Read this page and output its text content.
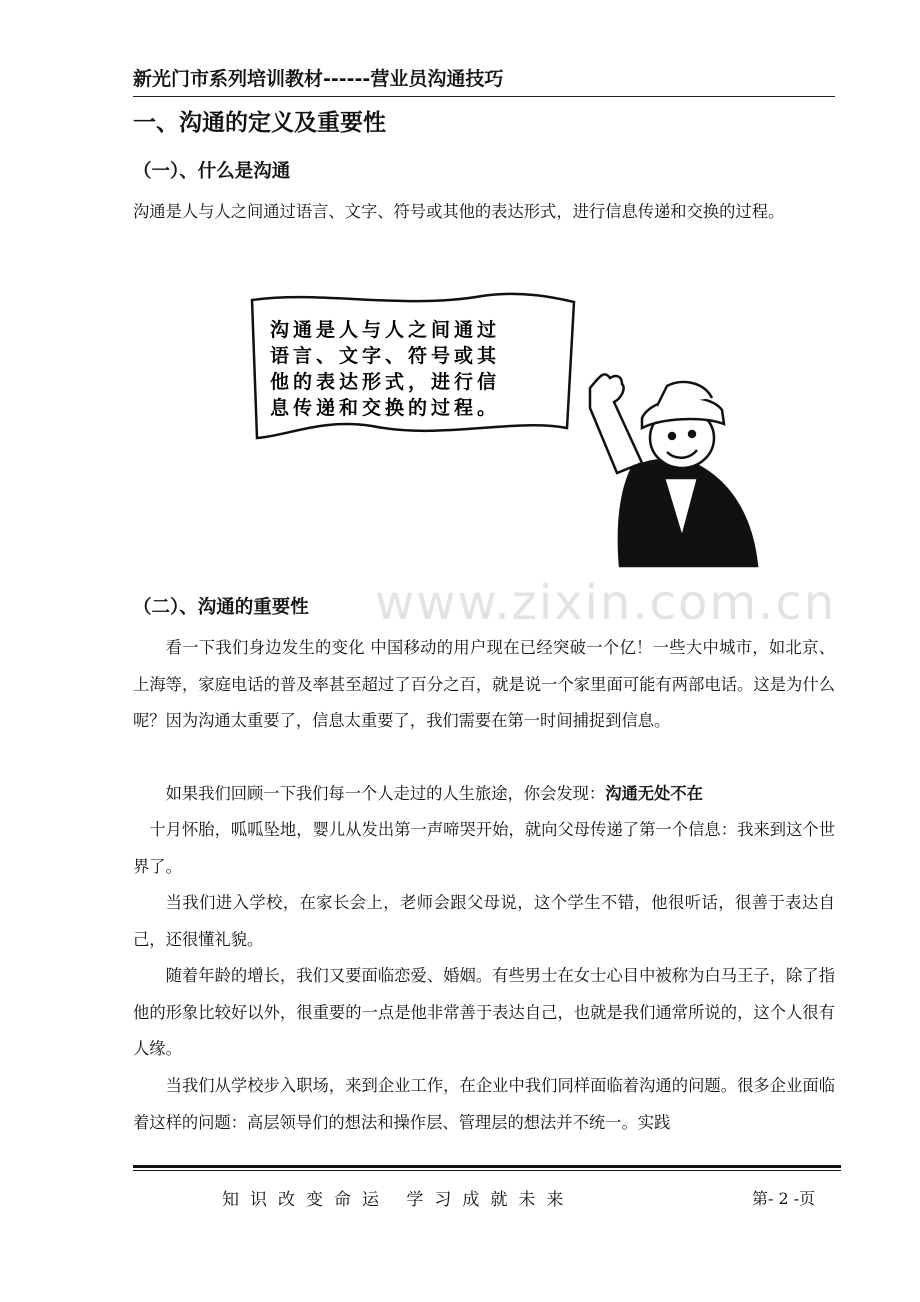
新光门市系列培训教材------营业员沟通技巧
一、沟通的定义及重要性
（一）、什么是沟通

沟通是人与人之间通过语言、文字、符号或其他的表达形式，进行信息传递和交换的过程。

沟通是人与人之间通过
语言、文字、符号或其
他的表达形式，进行信
息传递和交换的过程。
www.zixin.com.cn
（二）、沟通的重要性

看一下我们身边发生的变化 中国移动的用户现在已经突破一个亿！一些大中城市，如北京、上海等，家庭电话的普及率甚至超过了百分之百，就是说一个家里面可能有两部电话。这是为什么呢？因为沟通太重要了，信息太重要了，我们需要在第一时间捕捉到信息。

如果我们回顾一下我们每一个人走过的人生旅途，你会发现：沟通无处不在

十月怀胎，呱呱坠地，婴儿从发出第一声啼哭开始，就向父母传递了第一个信息：我来到这个世界了。

当我们进入学校，在家长会上，老师会跟父母说，这个学生不错，他很听话，很善于表达自己，还很懂礼貌。

随着年龄的增长，我们又要面临恋爱、婚姻。有些男士在女士心目中被称为白马王子，除了指他的形象比较好以外，很重要的一点是他非常善于表达自己，也就是我们通常所说的，这个人很有人缘。

当我们从学校步入职场，来到企业工作，在企业中我们同样面临着沟通的问题。很多企业面临着这样的问题：高层领导们的想法和操作层、管理层的想法并不统一。实践

知识改变命运 学习成就未来	第- 2 -页
